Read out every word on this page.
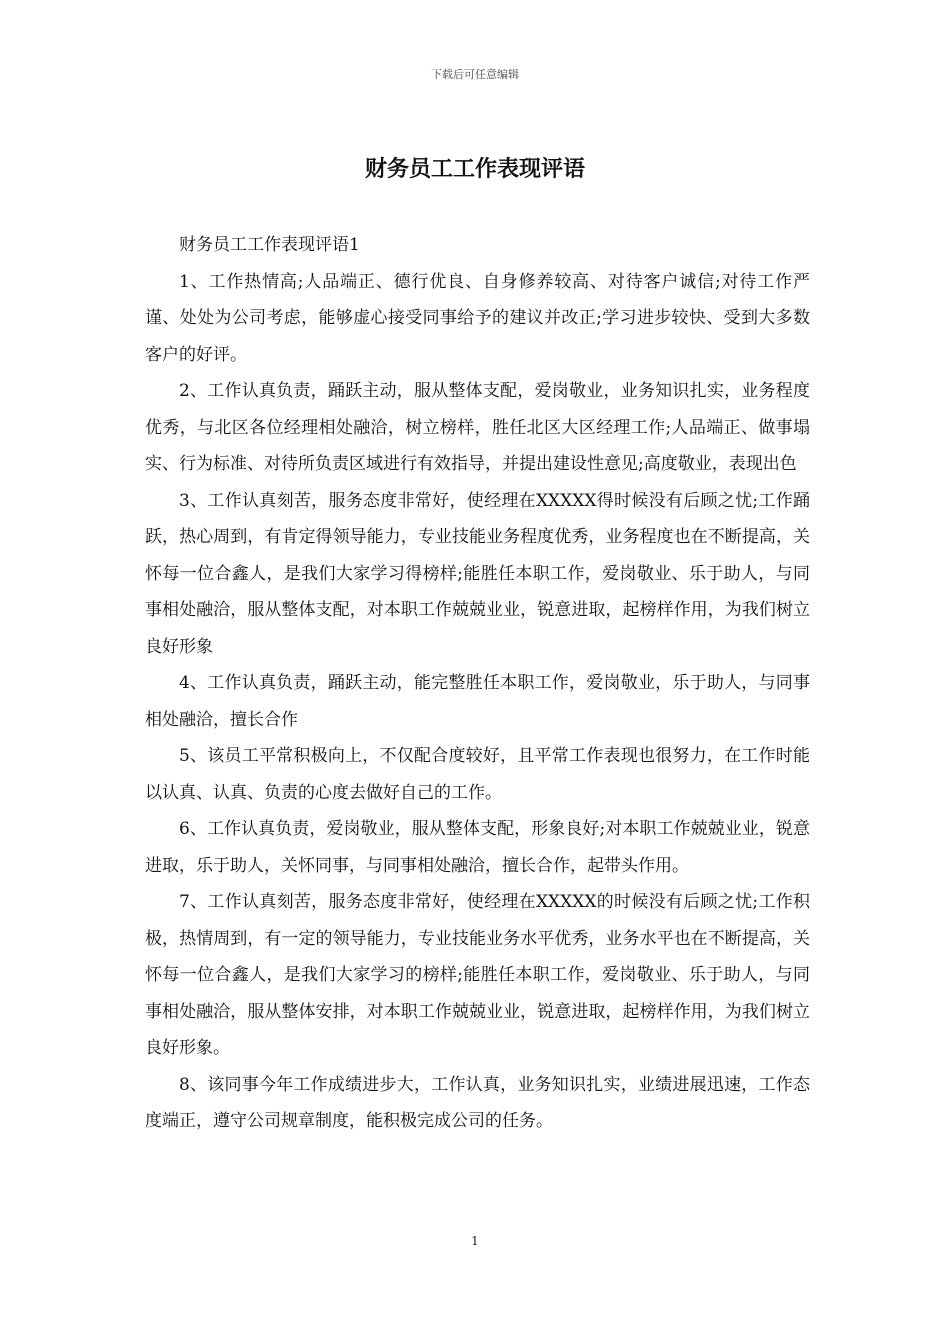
下载后可任意编辑
财务员工工作表现评语

财务员工工作表现评语1

1、工作热情高;人品端正、德行优良、自身修养较高、对待客户诚信;对待工作严谨、处处为公司考虑，能够虚心接受同事给予的建议并改正;学习进步较快、受到大多数客户的好评。

2、工作认真负责，踊跃主动，服从整体支配，爱岗敬业，业务知识扎实，业务程度优秀，与北区各位经理相处融洽，树立榜样，胜任北区大区经理工作;人品端正、做事塌实、行为标准、对待所负责区域进行有效指导，并提出建设性意见;高度敬业，表现出色

3、工作认真刻苦，服务态度非常好，使经理在XXXXX得时候没有后顾之忧;工作踊跃，热心周到，有肯定得领导能力，专业技能业务程度优秀，业务程度也在不断提高，关怀每一位合鑫人，是我们大家学习得榜样;能胜任本职工作，爱岗敬业、乐于助人，与同事相处融洽，服从整体支配，对本职工作兢兢业业，锐意进取，起榜样作用，为我们树立良好形象

4、工作认真负责，踊跃主动，能完整胜任本职工作，爱岗敬业，乐于助人，与同事相处融洽，擅长合作

5、该员工平常积极向上，不仅配合度较好，且平常工作表现也很努力，在工作时能以认真、认真、负责的心度去做好自己的工作。

6、工作认真负责，爱岗敬业，服从整体支配，形象良好;对本职工作兢兢业业，锐意进取，乐于助人，关怀同事，与同事相处融洽，擅长合作，起带头作用。

7、工作认真刻苦，服务态度非常好，使经理在XXXXX的时候没有后顾之忧;工作积极，热情周到，有一定的领导能力，专业技能业务水平优秀，业务水平也在不断提高，关怀每一位合鑫人，是我们大家学习的榜样;能胜任本职工作，爱岗敬业、乐于助人，与同事相处融洽，服从整体安排，对本职工作兢兢业业，锐意进取，起榜样作用，为我们树立良好形象。

8、该同事今年工作成绩进步大，工作认真，业务知识扎实，业绩进展迅速，工作态度端正，遵守公司规章制度，能积极完成公司的任务。

1
